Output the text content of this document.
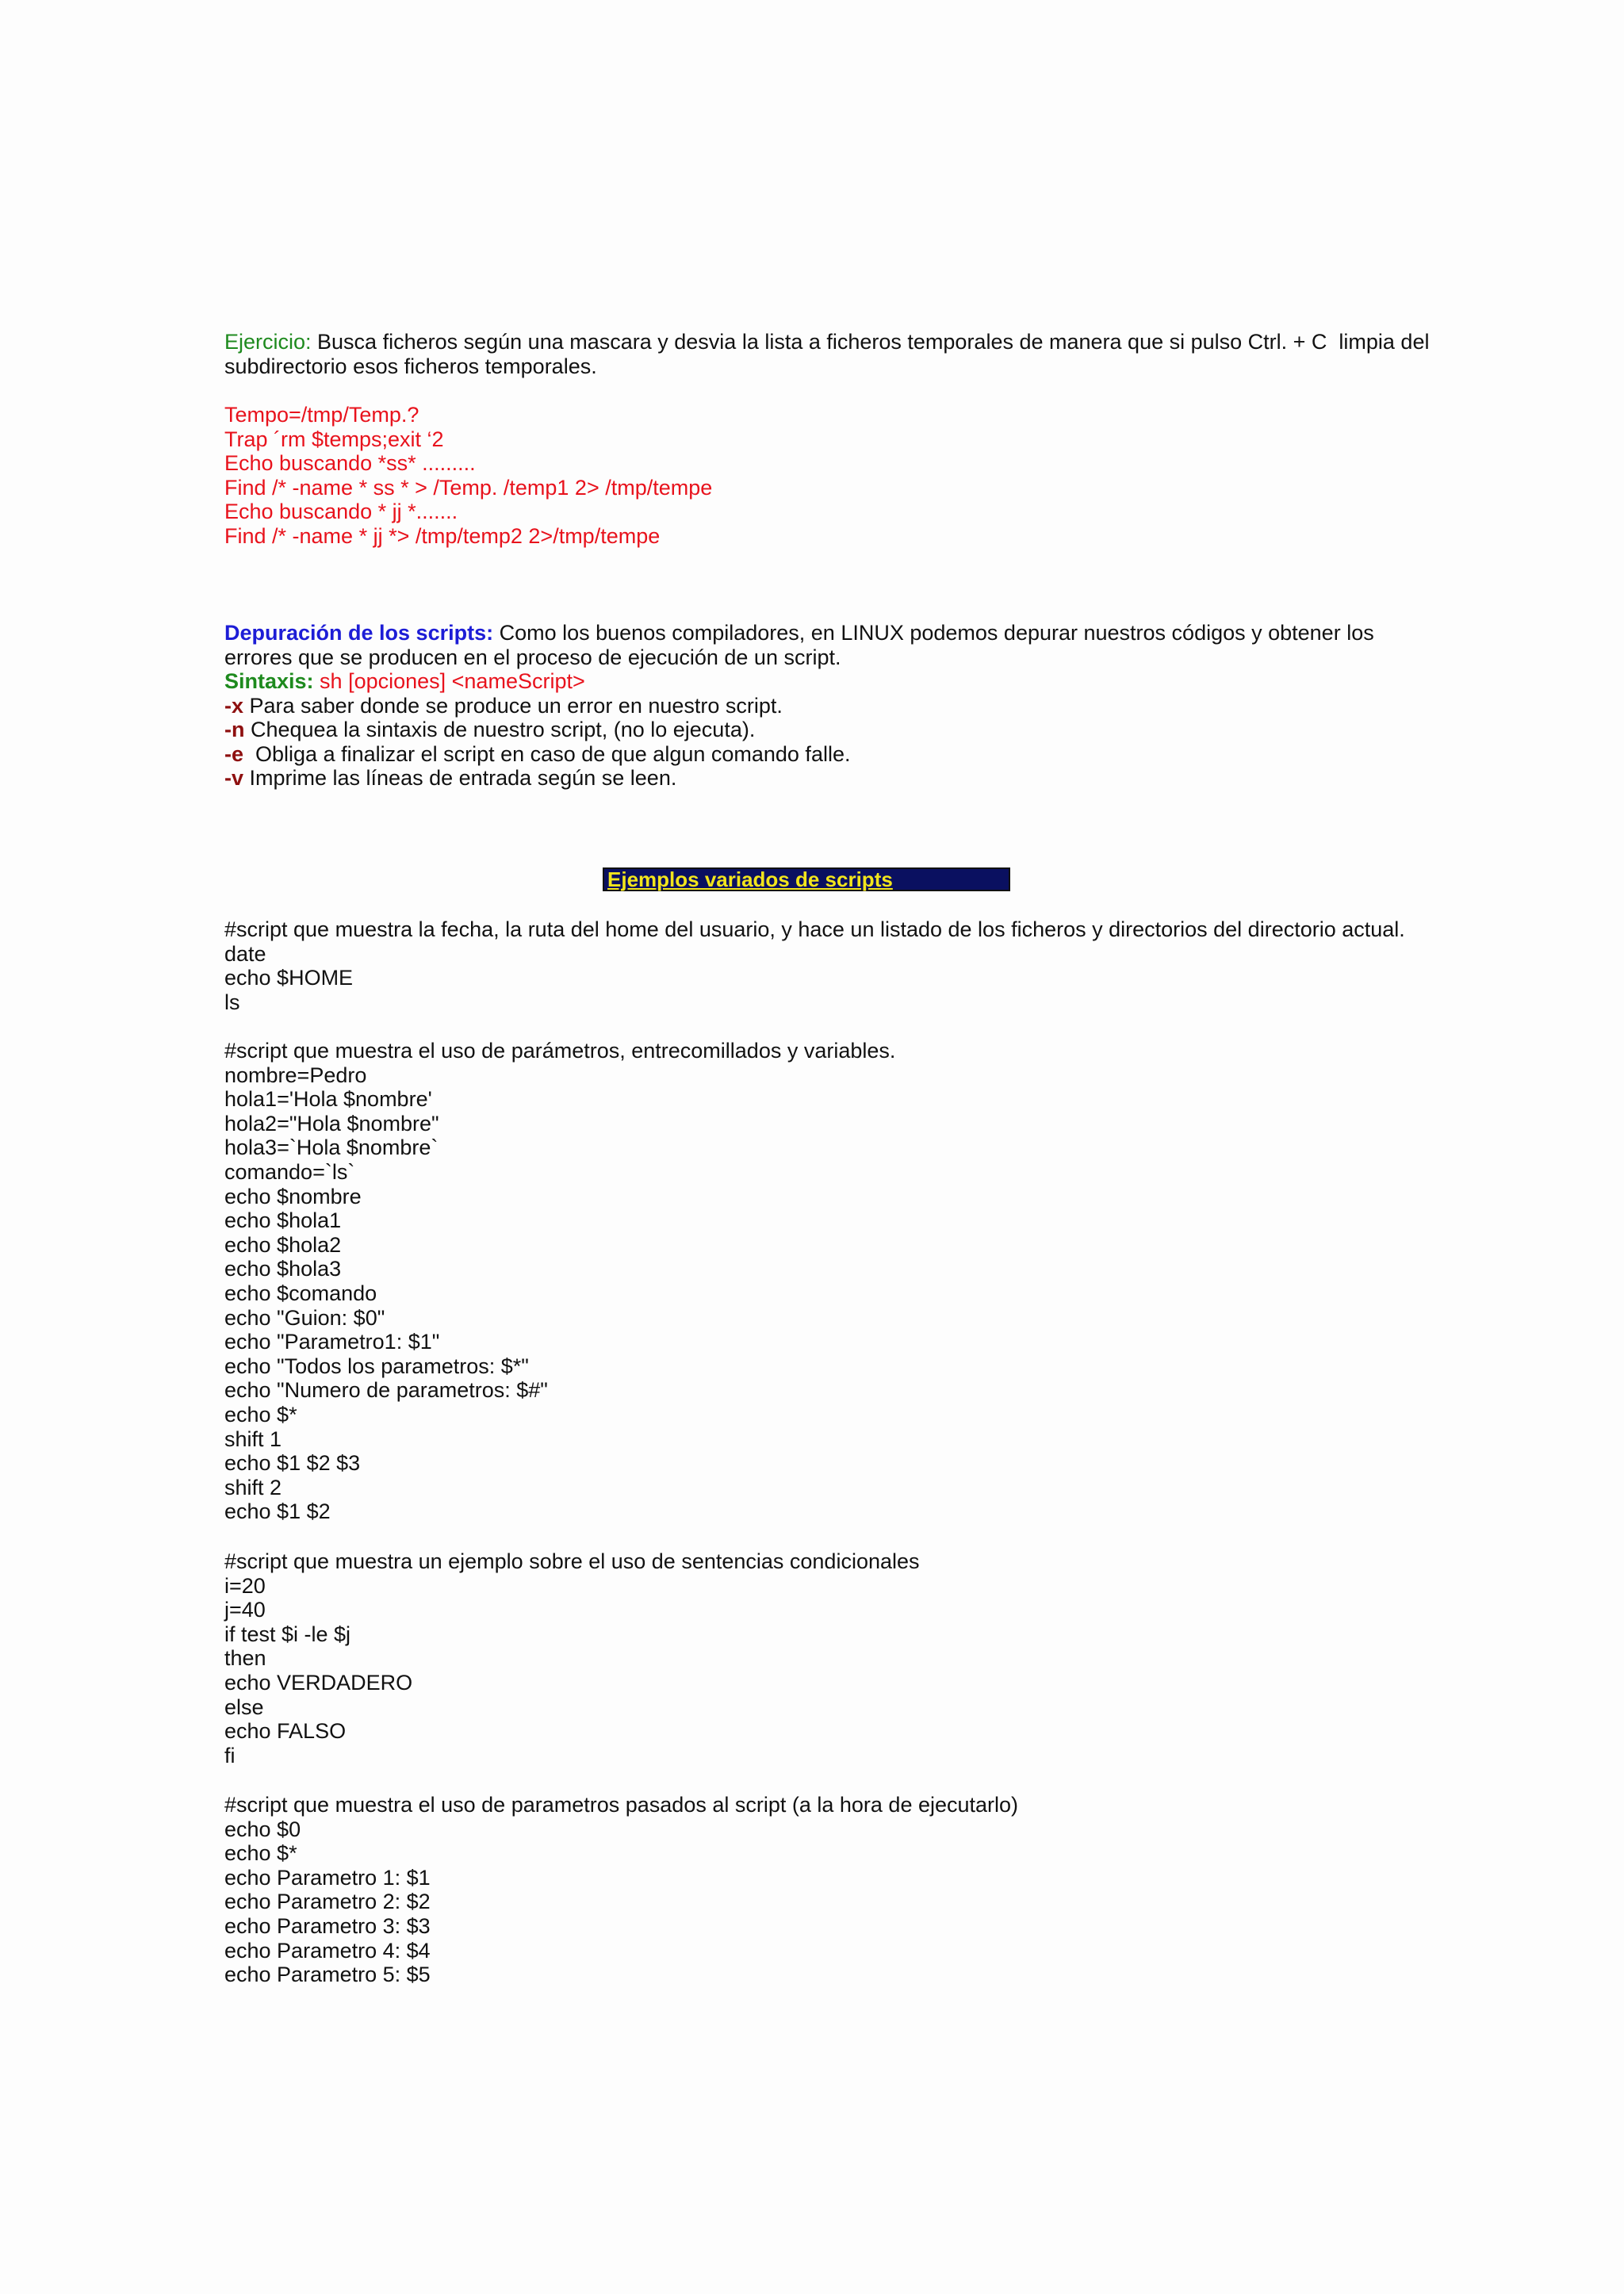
Ejercicio: Busca ficheros según una mascara y desvia la lista a ficheros temporales de manera que si pulso Ctrl. + C  limpia del
subdirectorio esos ficheros temporales.
Tempo=/tmp/Temp.?
Trap ´rm $temps;exit ‘2
Echo buscando *ss* .........
Find /* -name * ss * > /Temp. /temp1 2> /tmp/tempe
Echo buscando * jj *.......
Find /* -name * jj *> /tmp/temp2 2>/tmp/tempe
Depuración de los scripts: Como los buenos compiladores, en LINUX podemos depurar nuestros códigos y obtener los
errores que se producen en el proceso de ejecución de un script.
Sintaxis: sh [opciones] <nameScript>
-x Para saber donde se produce un error en nuestro script.
-n Chequea la sintaxis de nuestro script, (no lo ejecuta).
-e  Obliga a finalizar el script en caso de que algun comando falle.
-v Imprime las líneas de entrada según se leen.
Ejemplos variados de scripts
#script que muestra la fecha, la ruta del home del usuario, y hace un listado de los ficheros y directorios del directorio actual.
date
echo $HOME
ls
#script que muestra el uso de parámetros, entrecomillados y variables.
nombre=Pedro
hola1='Hola $nombre'
hola2="Hola $nombre"
hola3=`Hola $nombre`
comando=`ls`
echo $nombre
echo $hola1
echo $hola2
echo $hola3
echo $comando
echo "Guion: $0"
echo "Parametro1: $1"
echo "Todos los parametros: $*"
echo "Numero de parametros: $#"
echo $*
shift 1
echo $1 $2 $3
shift 2
echo $1 $2
#script que muestra un ejemplo sobre el uso de sentencias condicionales
i=20
j=40
if test $i -le $j
then
echo VERDADERO
else
echo FALSO
fi
#script que muestra el uso de parametros pasados al script (a la hora de ejecutarlo)
echo $0
echo $*
echo Parametro 1: $1
echo Parametro 2: $2
echo Parametro 3: $3
echo Parametro 4: $4
echo Parametro 5: $5
